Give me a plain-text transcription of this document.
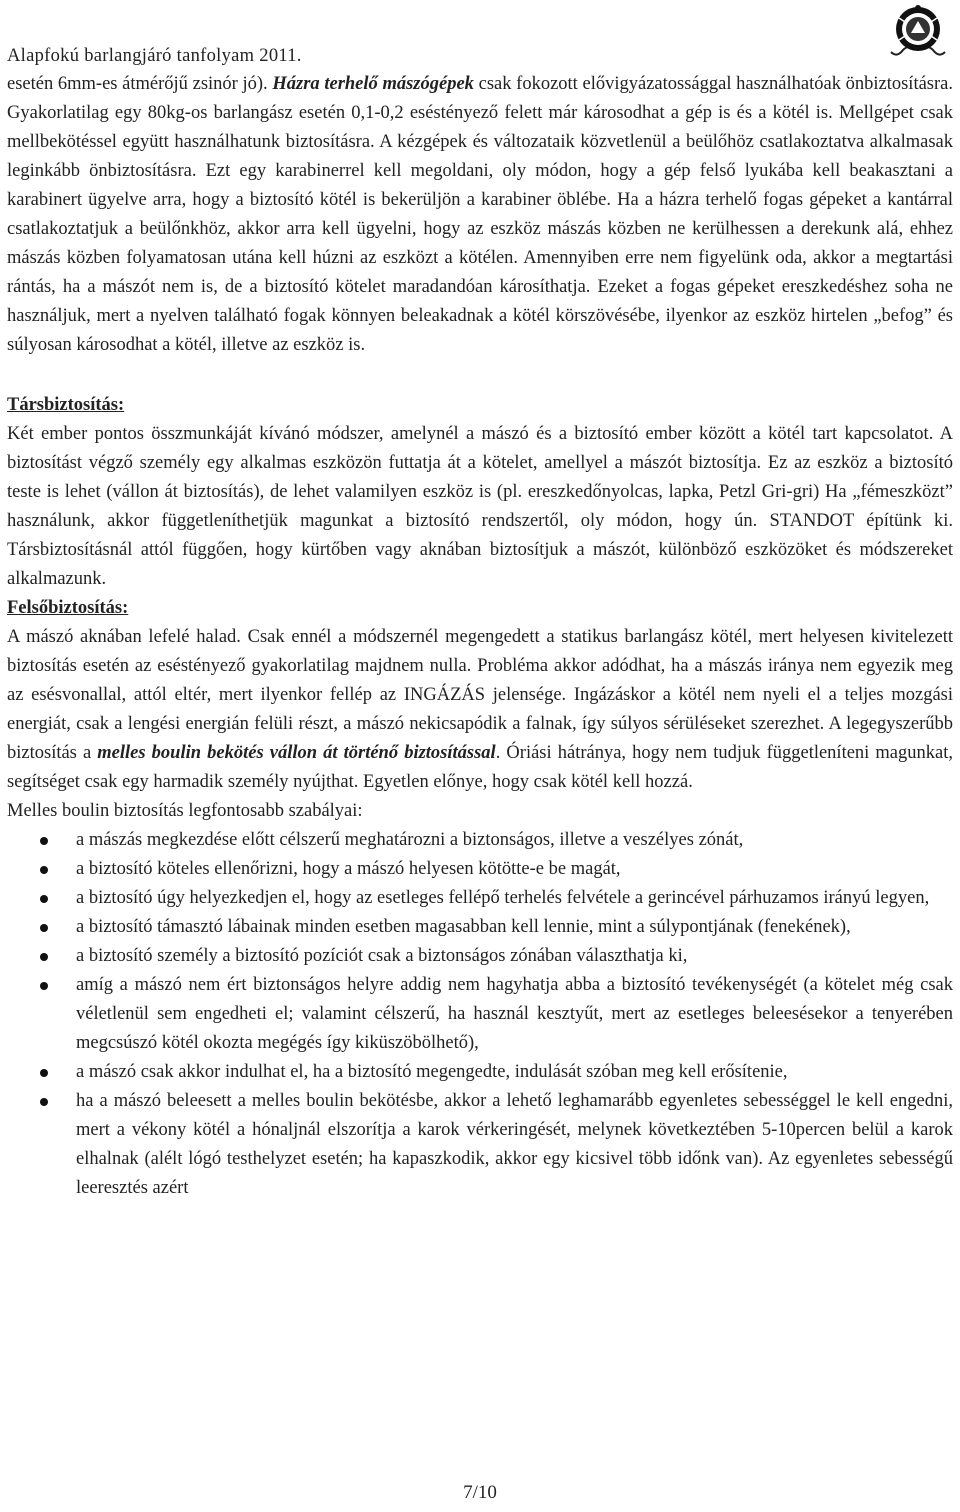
Alapfokú barlangjáró tanfolyam 2011.

esetén 6mm-es átmérőjű zsinór jó). Házra terhelő mászógépek csak fokozott elővigyázatossággal használhatóak önbiztosításra. Gyakorlatilag egy 80kg-os barlangász esetén 0,1-0,2 eséstényező felett már károsodhat a gép is és a kötél is. Mellgépet csak mellbekötéssel együtt használhatunk biztosításra. A kézgépek és változataik közvetlenül a beülőhöz csatlakoztatva alkalmasak leginkább önbiztosításra. Ezt egy karabinerrel kell megoldani, oly módon, hogy a gép felső lyukába kell beakasztani a karabinert ügyelve arra, hogy a biztosító kötél is bekerüljön a karabiner öblébe. Ha a házra terhelő fogas gépeket a kantárral csatlakoztatjuk a beülőnkhöz, akkor arra kell ügyelni, hogy az eszköz mászás közben ne kerülhessen a derekunk alá, ehhez mászás közben folyamatosan utána kell húzni az eszközt a kötélen. Amennyiben erre nem figyelünk oda, akkor a megtartási rántás, ha a mászót nem is, de a biztosító kötelet maradandóan károsíthatja. Ezeket a fogas gépeket ereszkedéshez soha ne használjuk, mert a nyelven található fogak könnyen beleakadnak a kötél körszövésébe, ilyenkor az eszköz hirtelen „befog” és súlyosan károsodhat a kötél, illetve az eszköz is.

Társbiztosítás:

Két ember pontos összmunkáját kívánó módszer, amelynél a mászó és a biztosító ember között a kötél tart kapcsolatot. A biztosítást végző személy egy alkalmas eszközön futtatja át a kötelet, amellyel a mászót biztosítja. Ez az eszköz a biztosító teste is lehet (vállon át biztosítás), de lehet valamilyen eszköz is (pl. ereszkedőnyolcas, lapka, Petzl Gri-gri) Ha „fémeszközt” használunk, akkor függetleníthetjük magunkat a biztosító rendszertől, oly módon, hogy ún. STANDOT építünk ki. Társbiztosításnál attól függően, hogy kürtőben vagy aknában biztosítjuk a mászót, különböző eszközöket és módszereket alkalmazunk.

Felsőbiztosítás:

A mászó aknában lefelé halad. Csak ennél a módszernél megengedett a statikus barlangász kötél, mert helyesen kivitelezett biztosítás esetén az eséstényező gyakorlatilag majdnem nulla. Probléma akkor adódhat, ha a mászás iránya nem egyezik meg az esésvonallal, attól eltér, mert ilyenkor fellép az INGÁZÁS jelensége. Ingázáskor a kötél nem nyeli el a teljes mozgási energiát, csak a lengési energián felüli részt, a mászó nekicsapódik a falnak, így súlyos sérüléseket szerezhet. A legegyszerűbb biztosítás a melles boulin bekötés vállon át történő biztosítással. Óriási hátránya, hogy nem tudjuk függetleníteni magunkat, segítséget csak egy harmadik személy nyújthat. Egyetlen előnye, hogy csak kötél kell hozzá.

Melles boulin biztosítás legfontosabb szabályai:

a mászás megkezdése előtt célszerű meghatározni a biztonságos, illetve a veszélyes zónát,
a biztosító köteles ellenőrizni, hogy a mászó helyesen kötötte-e be magát,
a biztosító úgy helyezkedjen el, hogy az esetleges fellépő terhelés felvétele a gerincével párhuzamos irányú legyen,
a biztosító támasztó lábainak minden esetben magasabban kell lennie, mint a súlypontjának (fenekének),
a biztosító személy a biztosító pozíciót csak a biztonságos zónában választhatja ki,
amíg a mászó nem ért biztonságos helyre addig nem hagyhatja abba a biztosító tevékenységét (a kötelet még csak véletlenül sem engedheti el; valamint célszerű, ha használ kesztyűt, mert az esetleges beleesésekor a tenyerében megcsúszó kötél okozta megégés így kiküszöbölhető),
a mászó csak akkor indulhat el, ha a biztosító megengedte, indulását szóban meg kell erősítenie,
ha a mászó beleesett a melles boulin bekötésbe, akkor a lehető leghamarább egyenletes sebességgel le kell engedni, mert a vékony kötél a hónaljnál elszorítja a karok vérkeringését, melynek következtében 5-10percen belül a karok elhalnak (alélt lógó testhelyzet esetén; ha kapaszkodik, akkor egy kicsivel több időnk van). Az egyenletes sebességű leeresztés azért
7/10
